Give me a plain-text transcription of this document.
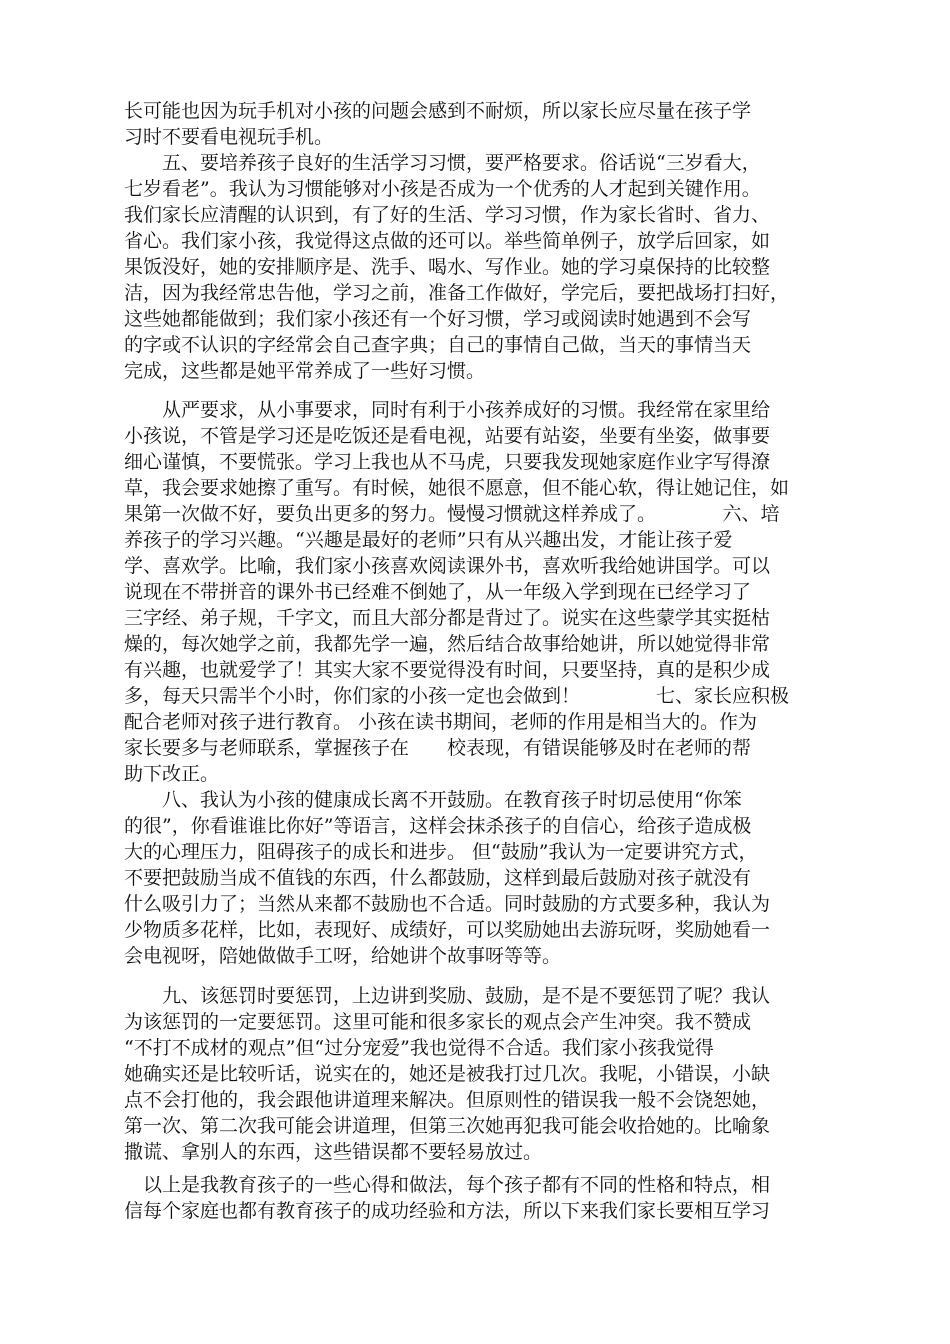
长可能也因为玩手机对小孩的问题会感到不耐烦，所以家长应尽量在孩子学
习时不要看电视玩手机。
　　五、要培养孩子良好的生活学习习惯，要严格要求。俗话说“三岁看大，
七岁看老”。我认为习惯能够对小孩是否成为一个优秀的人才起到关键作用。
我们家长应清醒的认识到，有了好的生活、学习习惯，作为家长省时、省力、
省心。我们家小孩，我觉得这点做的还可以。举些简单例子，放学后回家，如
果饭没好，她的安排顺序是、洗手、喝水、写作业。她的学习桌保持的比较整
洁，因为我经常忠告他，学习之前，准备工作做好，学完后，要把战场打扫好，
这些她都能做到；我们家小孩还有一个好习惯，学习或阅读时她遇到不会写
的字或不认识的字经常会自己查字典；自己的事情自己做，当天的事情当天
完成，这些都是她平常养成了一些好习惯。
　　从严要求，从小事要求，同时有利于小孩养成好的习惯。我经常在家里给
小孩说，不管是学习还是吃饭还是看电视，站要有站姿，坐要有坐姿，做事要
细心谨慎，不要慌张。学习上我也从不马虎，只要我发现她家庭作业字写得潦
草，我会要求她擦了重写。有时候，她很不愿意，但不能心软，得让她记住，如
果第一次做不好，要负出更多的努力。慢慢习惯就这样养成了。　　　　六、培
养孩子的学习兴趣。“兴趣是最好的老师”只有从兴趣出发，才能让孩子爱
学、喜欢学。比喻，我们家小孩喜欢阅读课外书，喜欢听我给她讲国学。可以
说现在不带拼音的课外书已经难不倒她了，从一年级入学到现在已经学习了
三字经、弟子规，千字文，而且大部分都是背过了。说实在这些蒙学其实挺枯
燥的，每次她学之前，我都先学一遍，然后结合故事给她讲，所以她觉得非常
有兴趣，也就爱学了！其实大家不要觉得没有时间，只要坚持，真的是积少成
多，每天只需半个小时，你们家的小孩一定也会做到！　　　　七、家长应积极
配合老师对孩子进行教育。 小孩在读书期间，老师的作用是相当大的。作为
家长要多与老师联系，掌握孩子在　　校表现，有错误能够及时在老师的帮
助下改正。
　　八、我认为小孩的健康成长离不开鼓励。在教育孩子时切忌使用“你笨
的很”，你看谁谁比你好”等语言，这样会抹杀孩子的自信心，给孩子造成极
大的心理压力，阻碍孩子的成长和进步。 但“鼓励”我认为一定要讲究方式，
不要把鼓励当成不值钱的东西，什么都鼓励，这样到最后鼓励对孩子就没有
什么吸引力了；当然从来都不鼓励也不合适。同时鼓励的方式要多种，我认为
少物质多花样，比如，表现好、成绩好，可以奖励她出去游玩呀，奖励她看一
会电视呀，陪她做做手工呀，给她讲个故事呀等等。
　　九、该惩罚时要惩罚，上边讲到奖励、鼓励，是不是不要惩罚了呢？我认
为该惩罚的一定要惩罚。这里可能和很多家长的观点会产生冲突。我不赞成
“不打不成材的观点”但“过分宠爱”我也觉得不合适。我们家小孩我觉得
她确实还是比较听话，说实在的，她还是被我打过几次。我呢，小错误，小缺
点不会打他的，我会跟他讲道理来解决。但原则性的错误我一般不会饶恕她，
第一次、第二次我可能会讲道理，但第三次她再犯我可能会收拾她的。比喻象
撒谎、拿别人的东西，这些错误都不要轻易放过。
　以上是我教育孩子的一些心得和做法，每个孩子都有不同的性格和特点，相
信每个家庭也都有教育孩子的成功经验和方法，所以下来我们家长要相互学习
